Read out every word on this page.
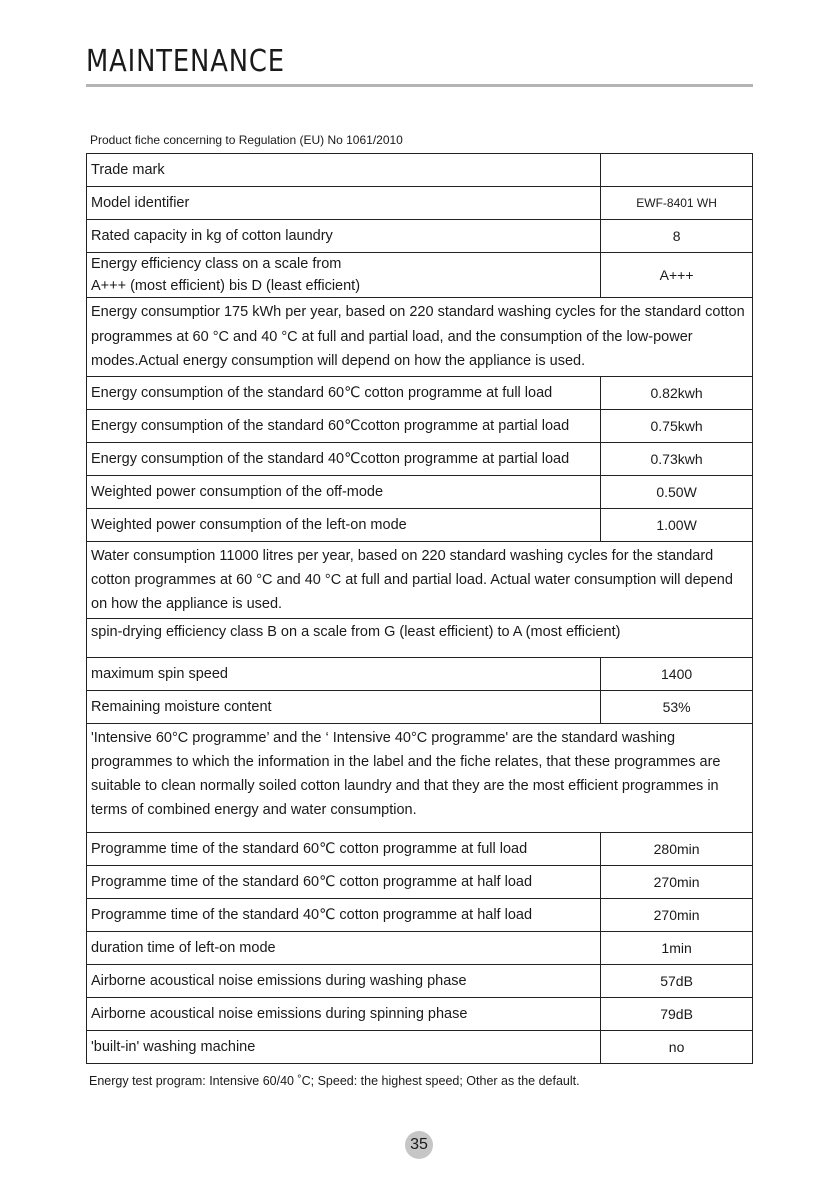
MAINTENANCE
Product fiche concerning to Regulation (EU) No 1061/2010
Trade mark	
Model identifier	EWF-8401 WH
Rated capacity in kg of cotton laundry	8

Energy efficiency class on a scale from
A+++ (most efficient) bis D (least efficient)	A+++
Energy consumptior 175 kWh per year, based on 220 standard washing cycles for the standard cotton programmes at 60 °C and 40 °C at full and partial load, and the consumption of the low-power modes.Actual energy consumption will depend on how the appliance is used.	
Energy consumption of the standard 60℃ cotton programme at full load	0.82kwh
Energy consumption of the standard 60℃cotton programme at partial load	0.75kwh
Energy consumption of the standard 40℃cotton programme at partial load	0.73kwh
Weighted power consumption of the off-mode	0.50W
Weighted power consumption of the left-on mode	1.00W
Water consumption 11000 litres per year, based on 220 standard washing cycles for the standard cotton programmes at 60 °C and 40 °C at full and partial load. Actual water consumption will depend on how the appliance is used.	
spin-drying efficiency class B on a scale from G (least efficient) to A (most efficient)	
maximum spin speed	1400
Remaining moisture content	53%
'Intensive 60°C programme’ and the ‘ Intensive 40°C programme' are the standard washing programmes to which the information in the label and the fiche relates, that these programmes are suitable to clean normally soiled cotton laundry and that they are the most efficient programmes in terms of combined energy and water consumption.	
Programme time of the standard 60℃ cotton programme at full load	280min
Programme time of the standard 60℃ cotton programme at half load	270min
Programme time of the standard 40℃ cotton programme at half load	270min
duration time of left-on mode	1min
Airborne acoustical noise emissions during washing phase	57dB
Airborne acoustical noise emissions during spinning phase	79dB
'built-in' washing machine	no
Energy test program: Intensive 60/40 ˚C; Speed: the highest speed; Other as the default.
35
